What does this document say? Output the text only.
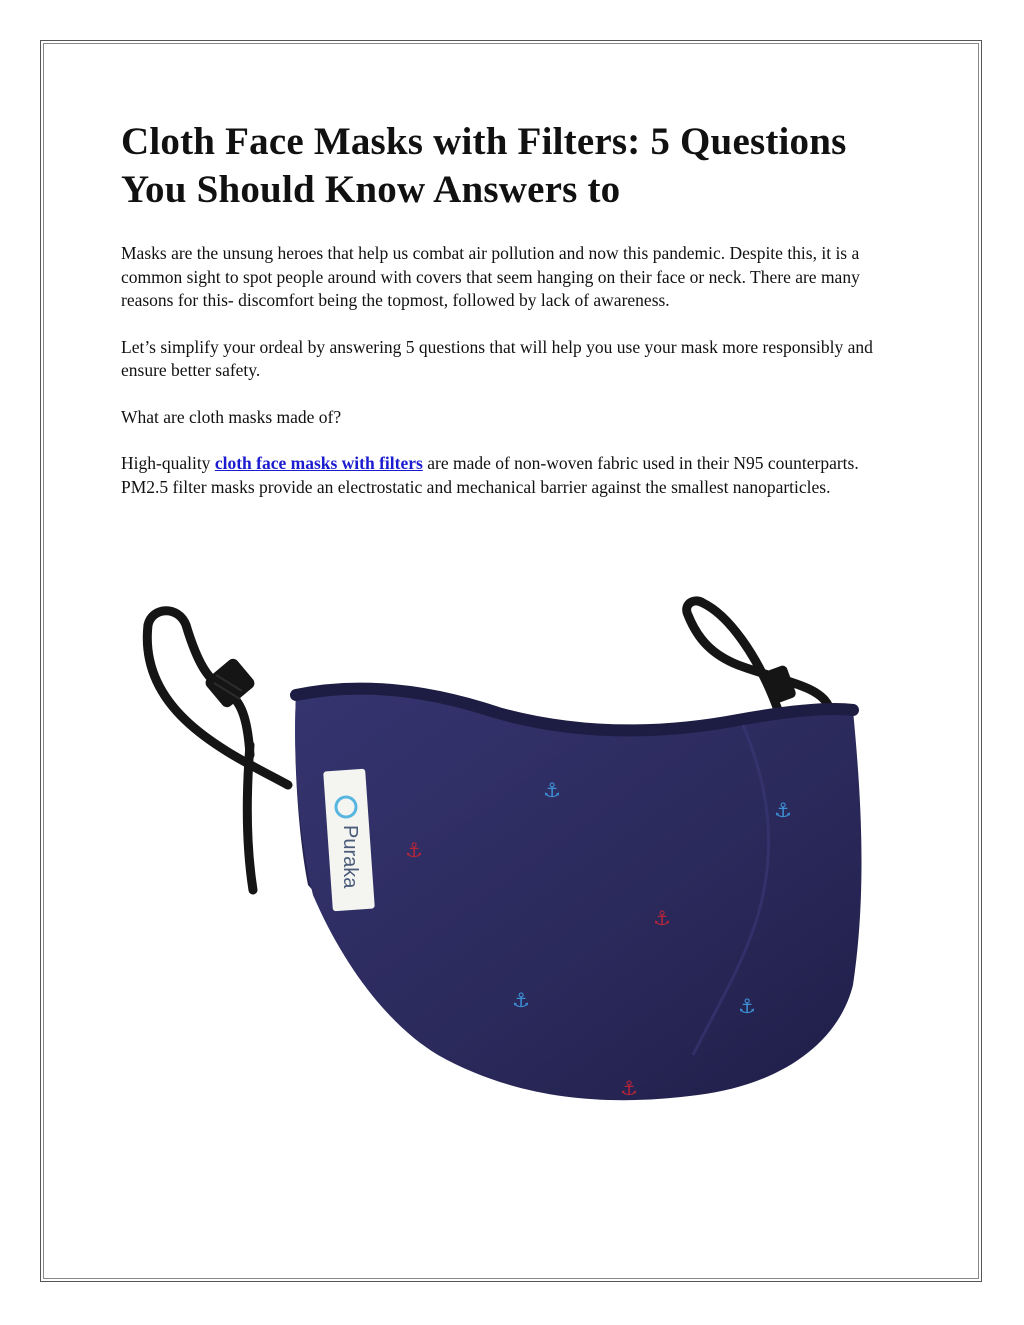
Cloth Face Masks with Filters: 5 Questions You Should Know Answers to

Masks are the unsung heroes that help us combat air pollution and now this pandemic. Despite this, it is a common sight to spot people around with covers that seem hanging on their face or neck. There are many reasons for this- discomfort being the topmost, followed by lack of awareness.

Let’s simplify your ordeal by answering 5 questions that will help you use your mask more responsibly and ensure better safety.

What are cloth masks made of?

High-quality cloth face masks with filters are made of non-woven fabric used in their N95 counterparts. PM2.5 filter masks provide an electrostatic and mechanical barrier against the smallest nanoparticles.

Puraka
⚓
⚓
⚓
⚓
⚓	⚓
⚓
